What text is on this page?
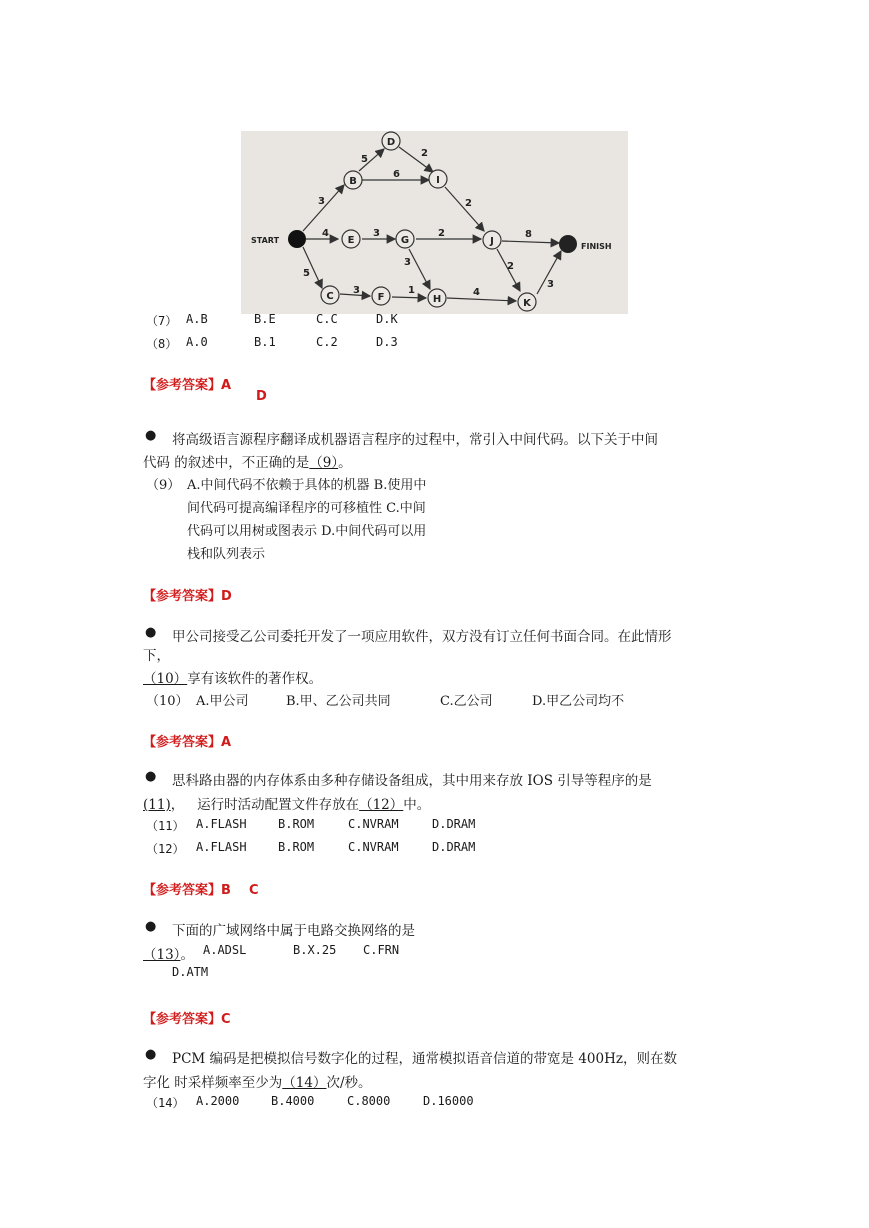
B
D
I
E	G	J
C	F	H	K
START
FINISH
3
4
5
5
6
2
2
3	2
3
3	1	4
8
2
3
（7） A.B	B.E	C.C	D.K
（8） A.0	B.1	C.2	D.3
【参考答案】A
D
● 将高级语言源程序翻译成机器语言程序的过程中，常引入中间代码。以下关于中间
代码 的叙述中，不正确的是（9）。
（9） A.中间代码不依赖于具体的机器 B.使用中
间代码可提高编译程序的可移植性 C.中间
代码可以用树或图表示 D.中间代码可以用
栈和队列表示
【参考答案】D
● 甲公司接受乙公司委托开发了一项应用软件，双方没有订立任何书面合同。在此情形
下，
（10）享有该软件的著作权。
（10） A.甲公司	B.甲、乙公司共同	C.乙公司	D.甲乙公司均不
【参考答案】A
● 思科路由器的内存体系由多种存储设备组成，其中用来存放 IOS 引导等程序的是
(11)，   运行时活动配置文件存放在（12）中。
（11） A.FLASH	B.ROM	C.NVRAM	D.DRAM
（12） A.FLASH	B.ROM	C.NVRAM	D.DRAM
【参考答案】B    C
● 下面的广域网络中属于电路交换网络的是
（13）。 A.ADSL	B.X.25 C.FRN
D.ATM
【参考答案】C
● PCM 编码是把模拟信号数字化的过程，通常模拟语音信道的带宽是 400Hz，则在数
字化 时采样频率至少为（14）次/秒。
（14） A.2000	B.4000	C.8000	D.16000
